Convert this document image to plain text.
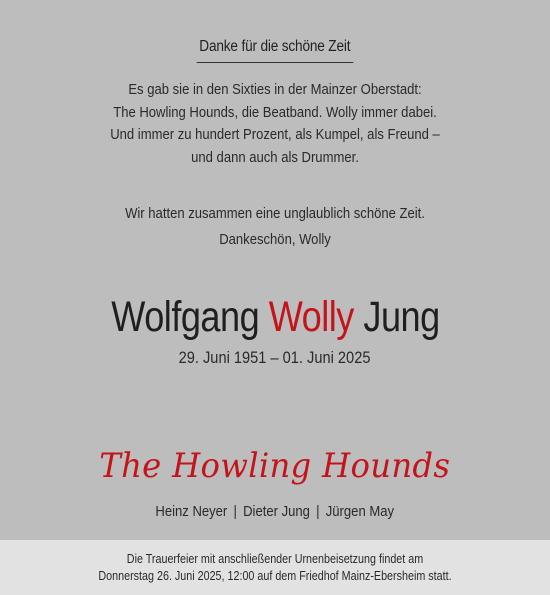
Danke für die schöne Zeit
Es gab sie in den Sixties in der Mainzer Oberstadt:
The Howling Hounds, die Beatband. Wolly immer dabei.
Und immer zu hundert Prozent, als Kumpel, als Freund –
und dann auch als Drummer.
Wir hatten zusammen eine unglaublich schöne Zeit.
Dankeschön, Wolly
Wolfgang Wolly Jung
29. Juni 1951 – 01. Juni 2025
The Howling Hounds
Heinz Neyer | Dieter Jung | Jürgen May
Die Trauerfeier mit anschließender Urnenbeisetzung findet am
Donnerstag 26. Juni 2025, 12:00 auf dem Friedhof Mainz-Ebersheim statt.
